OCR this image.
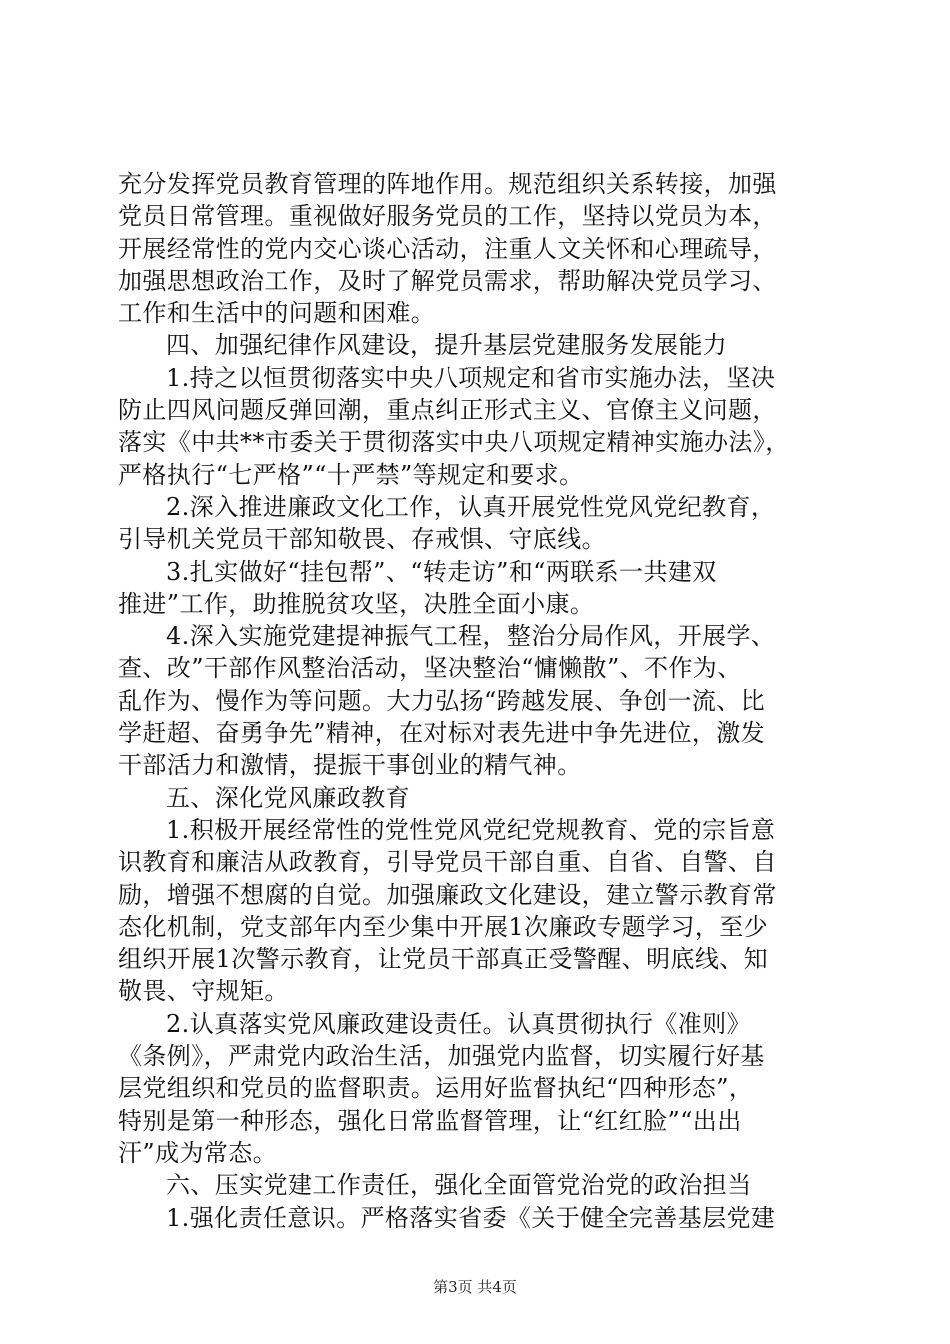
充分发挥党员教育管理的阵地作用。规范组织关系转接，加强
党员日常管理。重视做好服务党员的工作，坚持以党员为本，
开展经常性的党内交心谈心活动，注重人文关怀和心理疏导，
加强思想政治工作，及时了解党员需求，帮助解决党员学习、
工作和生活中的问题和困难。
四、加强纪律作风建设，提升基层党建服务发展能力
1.持之以恒贯彻落实中央八项规定和省市实施办法，坚决
防止四风问题反弹回潮，重点纠正形式主义、官僚主义问题，
落实《中共**市委关于贯彻落实中央八项规定精神实施办法》，
严格执行“七严格”“十严禁”等规定和要求。
2.深入推进廉政文化工作，认真开展党性党风党纪教育，
引导机关党员干部知敬畏、存戒惧、守底线。
3.扎实做好“挂包帮”、“转走访”和“两联系一共建双
推进”工作，助推脱贫攻坚，决胜全面小康。
4.深入实施党建提神振气工程，整治分局作风，开展学、
查、改”干部作风整治活动，坚决整治“慵懒散”、不作为、
乱作为、慢作为等问题。大力弘扬“跨越发展、争创一流、比
学赶超、奋勇争先”精神，在对标对表先进中争先进位，激发
干部活力和激情，提振干事创业的精气神。
五、深化党风廉政教育
1.积极开展经常性的党性党风党纪党规教育、党的宗旨意
识教育和廉洁从政教育，引导党员干部自重、自省、自警、自
励，增强不想腐的自觉。加强廉政文化建设，建立警示教育常
态化机制，党支部年内至少集中开展1次廉政专题学习，至少
组织开展1次警示教育，让党员干部真正受警醒、明底线、知
敬畏、守规矩。
2.认真落实党风廉政建设责任。认真贯彻执行《准则》
《条例》，严肃党内政治生活，加强党内监督，切实履行好基
层党组织和党员的监督职责。运用好监督执纪“四种形态”，
特别是第一种形态，强化日常监督管理，让“红红脸”“出出
汗”成为常态。
六、压实党建工作责任，强化全面管党治党的政治担当
1.强化责任意识。严格落实省委《关于健全完善基层党建
第3页 共4页
